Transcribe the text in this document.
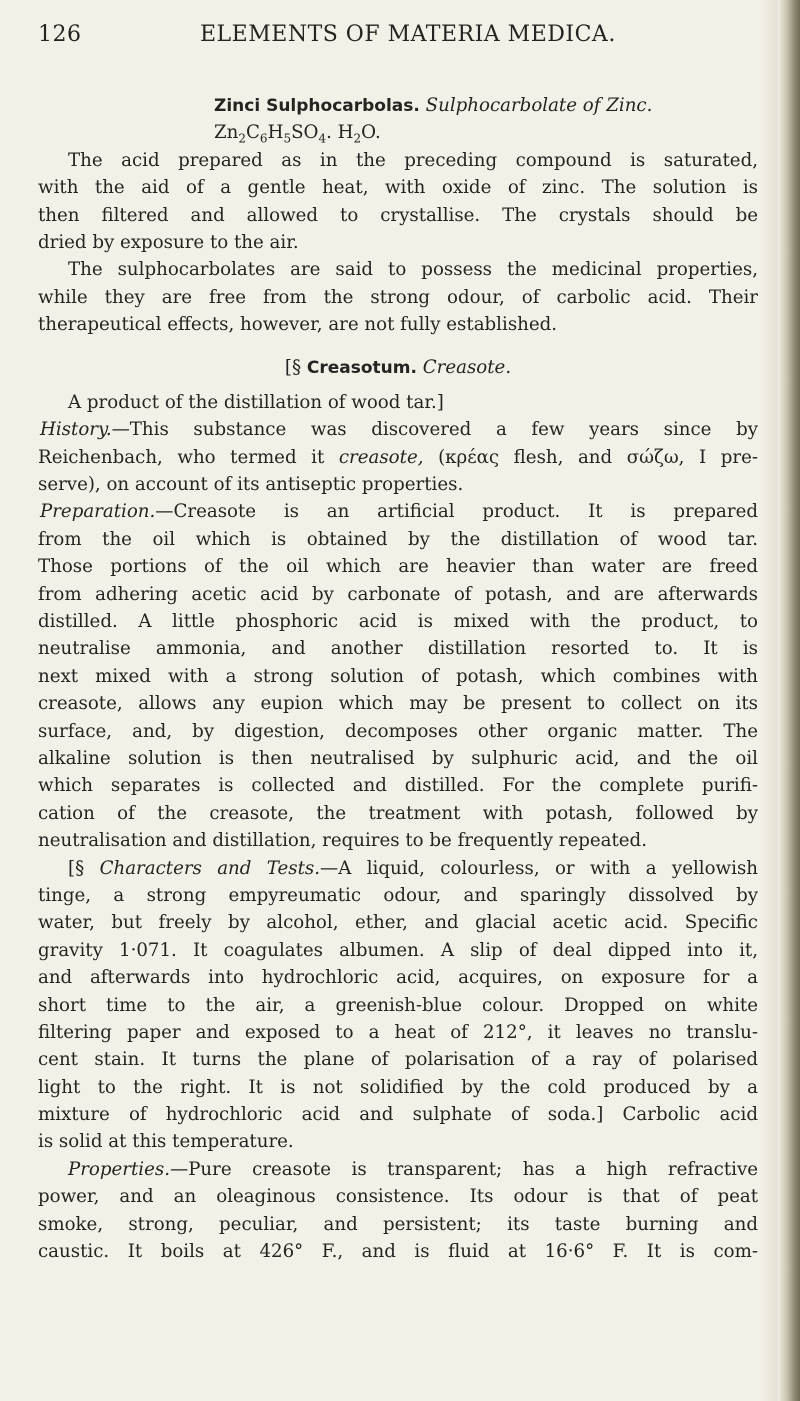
126	ELEMENTS OF MATERIA MEDICA.
Zinci Sulphocarbolas. Sulphocarbolate of Zinc.
$Zn_2C_6H_5SO_4$. $H_2O$.
The acid prepared as in the preceding compound is saturated,
with the aid of a gentle heat, with oxide of zinc. The solution is
then filtered and allowed to crystallise. The crystals should be
dried by exposure to the air.
The sulphocarbolates are said to possess the medicinal properties,
while they are free from the strong odour, of carbolic acid. Their
therapeutical effects, however, are not fully established.
[§ Creasotum. Creasote.
A product of the distillation of wood tar.]
History.—This substance was discovered a few years since by
Reichenbach, who termed it creasote, (κρέας flesh, and σώζω, I pre-
serve), on account of its antiseptic properties.
Preparation.—Creasote is an artificial product. It is prepared
from the oil which is obtained by the distillation of wood tar.
Those portions of the oil which are heavier than water are freed
from adhering acetic acid by carbonate of potash, and are afterwards
distilled. A little phosphoric acid is mixed with the product, to
neutralise ammonia, and another distillation resorted to. It is
next mixed with a strong solution of potash, which combines with
creasote, allows any eupion which may be present to collect on its
surface, and, by digestion, decomposes other organic matter. The
alkaline solution is then neutralised by sulphuric acid, and the oil
which separates is collected and distilled. For the complete purifi-
cation of the creasote, the treatment with potash, followed by
neutralisation and distillation, requires to be frequently repeated.
[§ Characters and Tests.—A liquid, colourless, or with a yellowish
tinge, a strong empyreumatic odour, and sparingly dissolved by
water, but freely by alcohol, ether, and glacial acetic acid. Specific
gravity 1·071. It coagulates albumen. A slip of deal dipped into it,
and afterwards into hydrochloric acid, acquires, on exposure for a
short time to the air, a greenish-blue colour. Dropped on white
filtering paper and exposed to a heat of 212°, it leaves no translu-
cent stain. It turns the plane of polarisation of a ray of polarised
light to the right. It is not solidified by the cold produced by a
mixture of hydrochloric acid and sulphate of soda.] Carbolic acid
is solid at this temperature.
Properties.—Pure creasote is transparent; has a high refractive
power, and an oleaginous consistence. Its odour is that of peat
smoke, strong, peculiar, and persistent; its taste burning and
caustic. It boils at 426° F., and is fluid at 16·6° F. It is com-
